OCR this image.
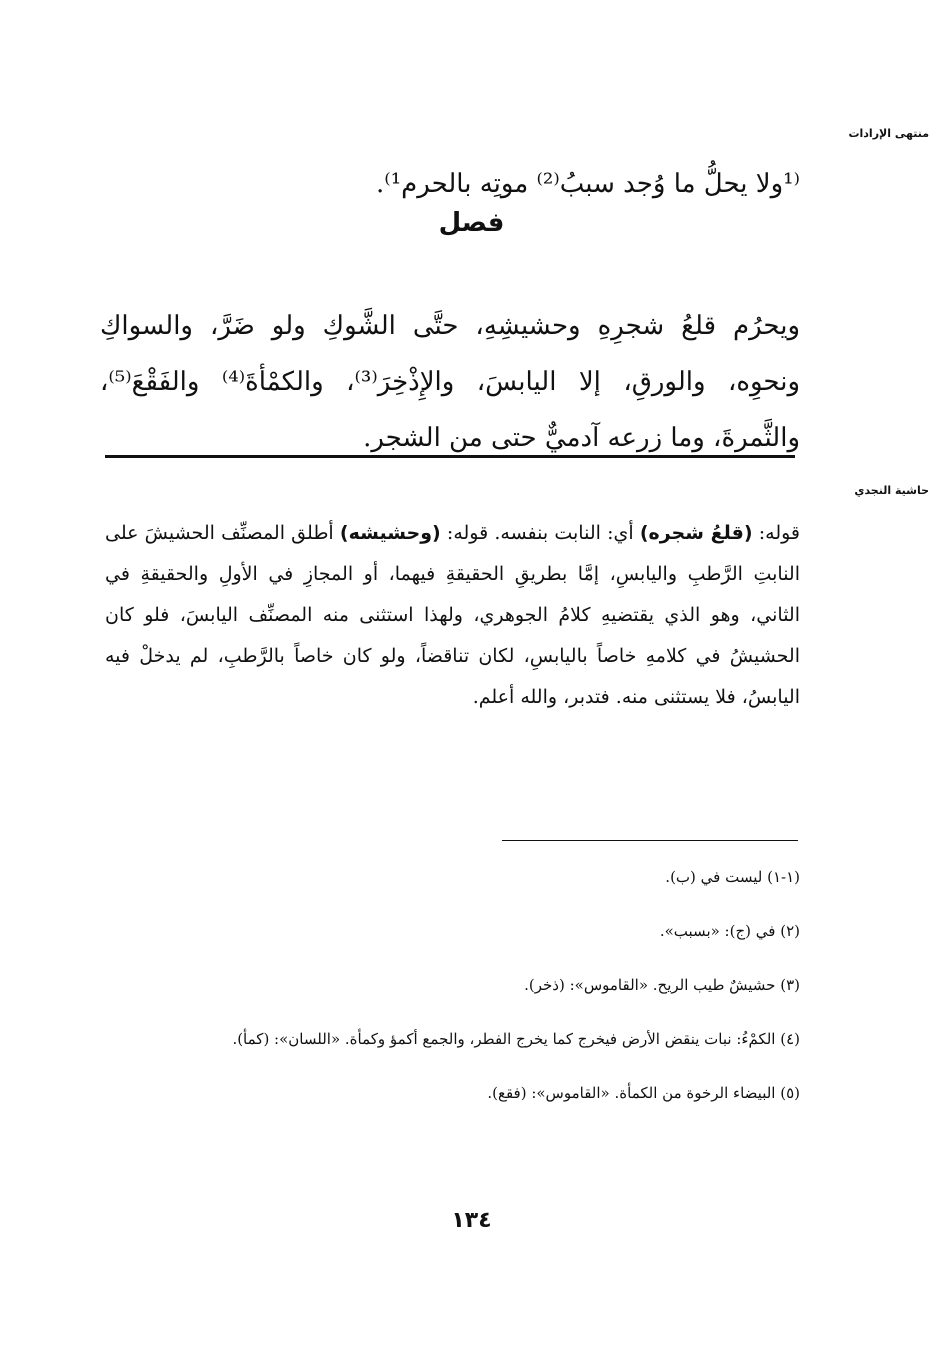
منتهى الإرادات

⁽¹ولا يحلُّ ما وُجد سببُ⁽²⁾ موتِه بالحرم¹⁾.

فصل

ويحرُم قلعُ شجرِهِ وحشيشِهِ، حتَّى الشَّوكِ ولو ضَرَّ، والسواكِ ونحوِه، والورقِ، إلا اليابسَ، والإِذْخِرَ⁽³⁾، والكمْأةَ⁽⁴⁾ والفَقْعَ⁽⁵⁾، والثَّمرةَ، وما زرعه آدميٌّ حتى من الشجر.

حاشية النجدي

قوله: (قلعُ شجره) أي: النابت بنفسه. قوله: (وحشيشه) أطلق المصنِّف الحشيشَ على النابتِ الرَّطبِ واليابسِ، إمَّا بطريقِ الحقيقةِ فيهما، أو المجازِ في الأولِ والحقيقةِ في الثاني، وهو الذي يقتضيهِ كلامُ الجوهري، ولهذا استثنى منه المصنِّف اليابسَ، فلو كان الحشيشُ في كلامهِ خاصاً باليابسِ، لكان تناقضاً، ولو كان خاصاً بالرَّطبِ، لم يدخلْ فيه اليابسُ، فلا يستثنى منه. فتدبر، والله أعلم.

(١-١) ليست في (ب).

(٢) في (ج): «بسبب».

(٣) حشيشٌ طيب الريح. «القاموس»: (ذخر).

(٤) الكمْءُ: نبات ينقض الأرض فيخرج كما يخرج الفطر، والجمع أكمؤ وكمأة. «اللسان»: (كمأ).

(٥) البيضاء الرخوة من الكمأة. «القاموس»: (فقع).

١٣٤
